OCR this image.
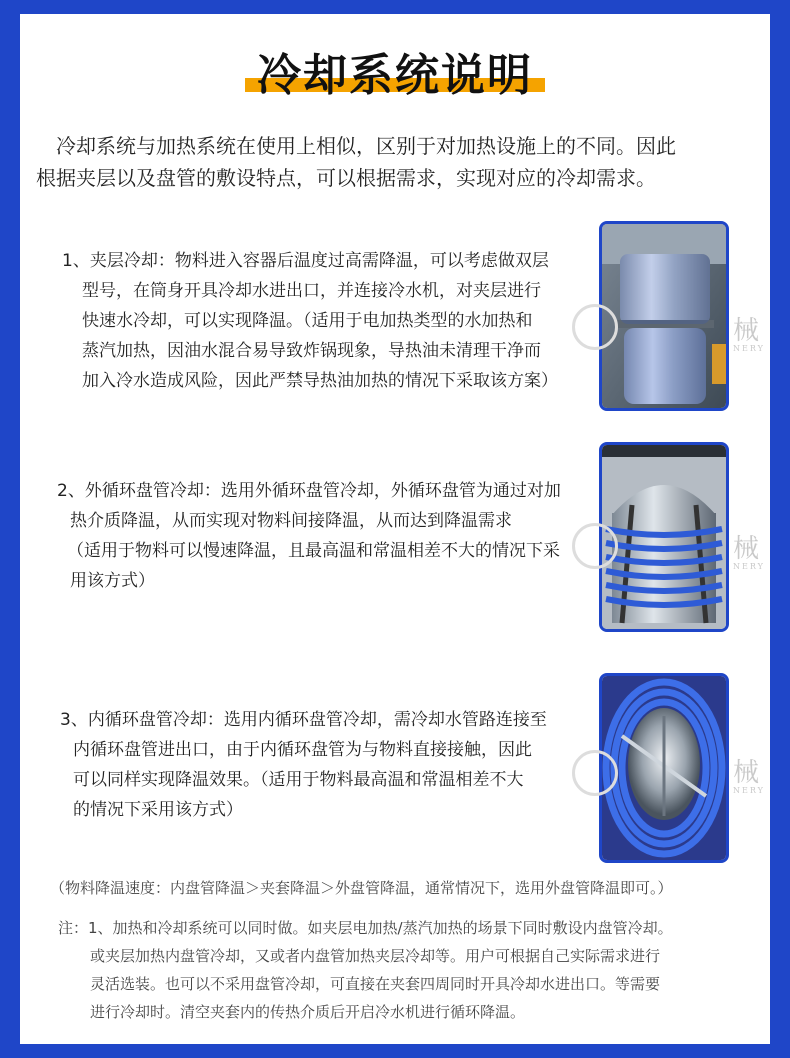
冷却系统说明

冷却系统与加热系统在使用上相似，区别于对加热设施上的不同。因此

根据夹层以及盘管的敷设特点，可以根据需求，实现对应的冷却需求。

1、夹层冷却：物料进入容器后温度过高需降温，可以考虑做双层

型号，在筒身开具冷却水进出口，并连接冷水机，对夹层进行

快速水冷却，可以实现降温。（适用于电加热类型的水加热和

蒸汽加热，因油水混合易导致炸锅现象，导热油未清理干净而

加入冷水造成风险，因此严禁导热油加热的情况下采取该方案）

械
NERY

2、外循环盘管冷却：选用外循环盘管冷却，外循环盘管为通过对加

热介质降温，从而实现对物料间接降温，从而达到降温需求

（适用于物料可以慢速降温，且最高温和常温相差不大的情况下采

用该方式）

械
NERY

3、内循环盘管冷却：选用内循环盘管冷却，需冷却水管路连接至

内循环盘管进出口，由于内循环盘管为与物料直接接触，因此

可以同样实现降温效果。（适用于物料最高温和常温相差不大

的情况下采用该方式）

械
NERY
（物料降温速度：内盘管降温＞夹套降温＞外盘管降温，通常情况下，选用外盘管降温即可。）

注：1、加热和冷却系统可以同时做。如夹层电加热/蒸汽加热的场景下同时敷设内盘管冷却。

或夹层加热内盘管冷却，又或者内盘管加热夹层冷却等。用户可根据自己实际需求进行

灵活选装。也可以不采用盘管冷却，可直接在夹套四周同时开具冷却水进出口。等需要

进行冷却时。清空夹套内的传热介质后开启冷水机进行循环降温。
